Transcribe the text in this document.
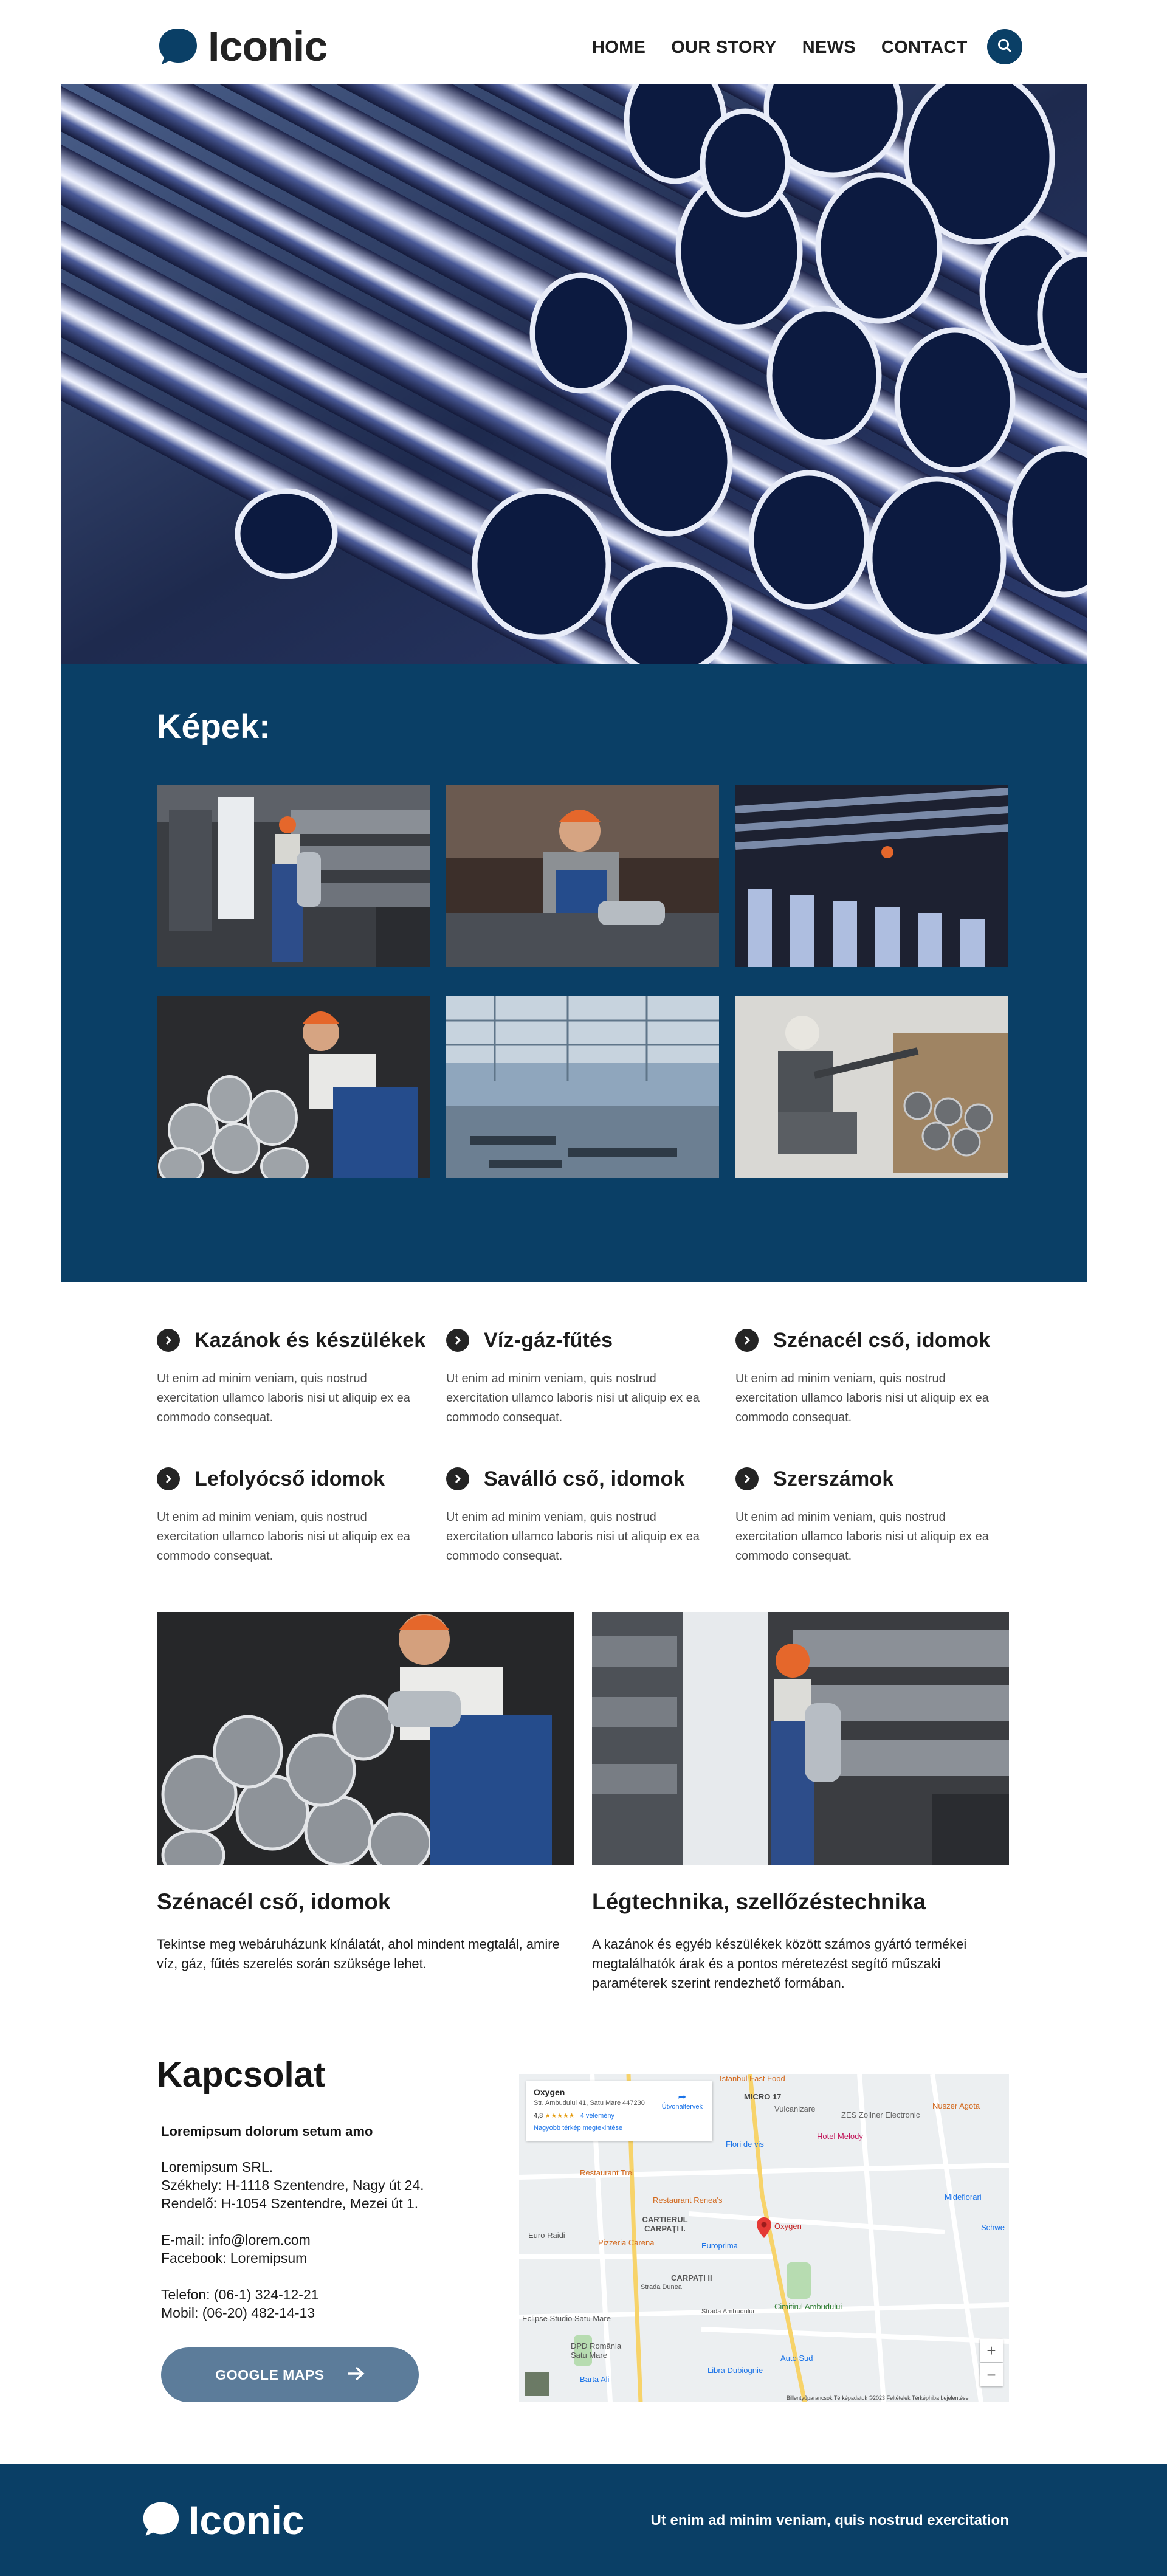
Iconic	HOME OUR STORY NEWS CONTACT
Képek:
Kazánok és készülékek
Ut enim ad minim veniam, quis nostrud exercitation ullamco laboris nisi ut aliquip ex ea commodo consequat.
Víz-gáz-fűtés
Ut enim ad minim veniam, quis nostrud exercitation ullamco laboris nisi ut aliquip ex ea commodo consequat.
Szénacél cső, idomok
Ut enim ad minim veniam, quis nostrud exercitation ullamco laboris nisi ut aliquip ex ea commodo consequat.
Lefolyócső idomok
Ut enim ad minim veniam, quis nostrud exercitation ullamco laboris nisi ut aliquip ex ea commodo consequat.
Saválló cső, idomok
Ut enim ad minim veniam, quis nostrud exercitation ullamco laboris nisi ut aliquip ex ea commodo consequat.
Szerszámok
Ut enim ad minim veniam, quis nostrud exercitation ullamco laboris nisi ut aliquip ex ea commodo consequat.
Szénacél cső, idomok
Tekintse meg webáruházunk kínálatát, ahol mindent megtalál, amire víz, gáz, fűtés szerelés során szüksége lehet.
Légtechnika, szellőzéstechnika
A kazánok és egyéb készülékek között számos gyártó termékei megtalálhatók árak és a pontos méretezést segítő műszaki paraméterek szerint rendezhető formában.
Kapcsolat
Loremipsum dolorum setum amo
Loremipsum SRL.
Székhely: H-1118 Szentendre, Nagy út 24.
Rendelő: H-1054 Szentendre, Mezei út 1.
E-mail: info@lorem.com
Facebook: Loremipsum
Telefon: (06-1) 324-12-21
Mobil: (06-20) 482-14-13
GOOGLE MAPS
Istanbul Fast Food
Vulcanizare
MICRO 17
ZES Zollner Electronic
Nuszer Agota
Hotel Melody
Flori de vis
Restaurant Trei
Restaurant Renea's
CARTIERUL CARPAȚI I.
Euro Raidi
Pizzeria Carena	Europrima
Oxygen
Mideflorari
CARPAȚI II
Strada Dunea
Strada Ambudului
Cimitirul Ambudului
Eclipse Studio Satu Mare
DPD România Satu Mare
Libra Dubiognie
Auto Sud
Barta Ali
Schwe
Oxygen
Str. Ambudului 41, Satu Mare 447230
4,8 ★★★★★ 4 vélemény
Nagyobb térkép megtekintése
➦
Útvonaltervek
+
−
Billentyűparancsok Térképadatok ©2023 Feltételek Térképhiba bejelentése
Iconic	Ut enim ad minim veniam, quis nostrud exercitation
